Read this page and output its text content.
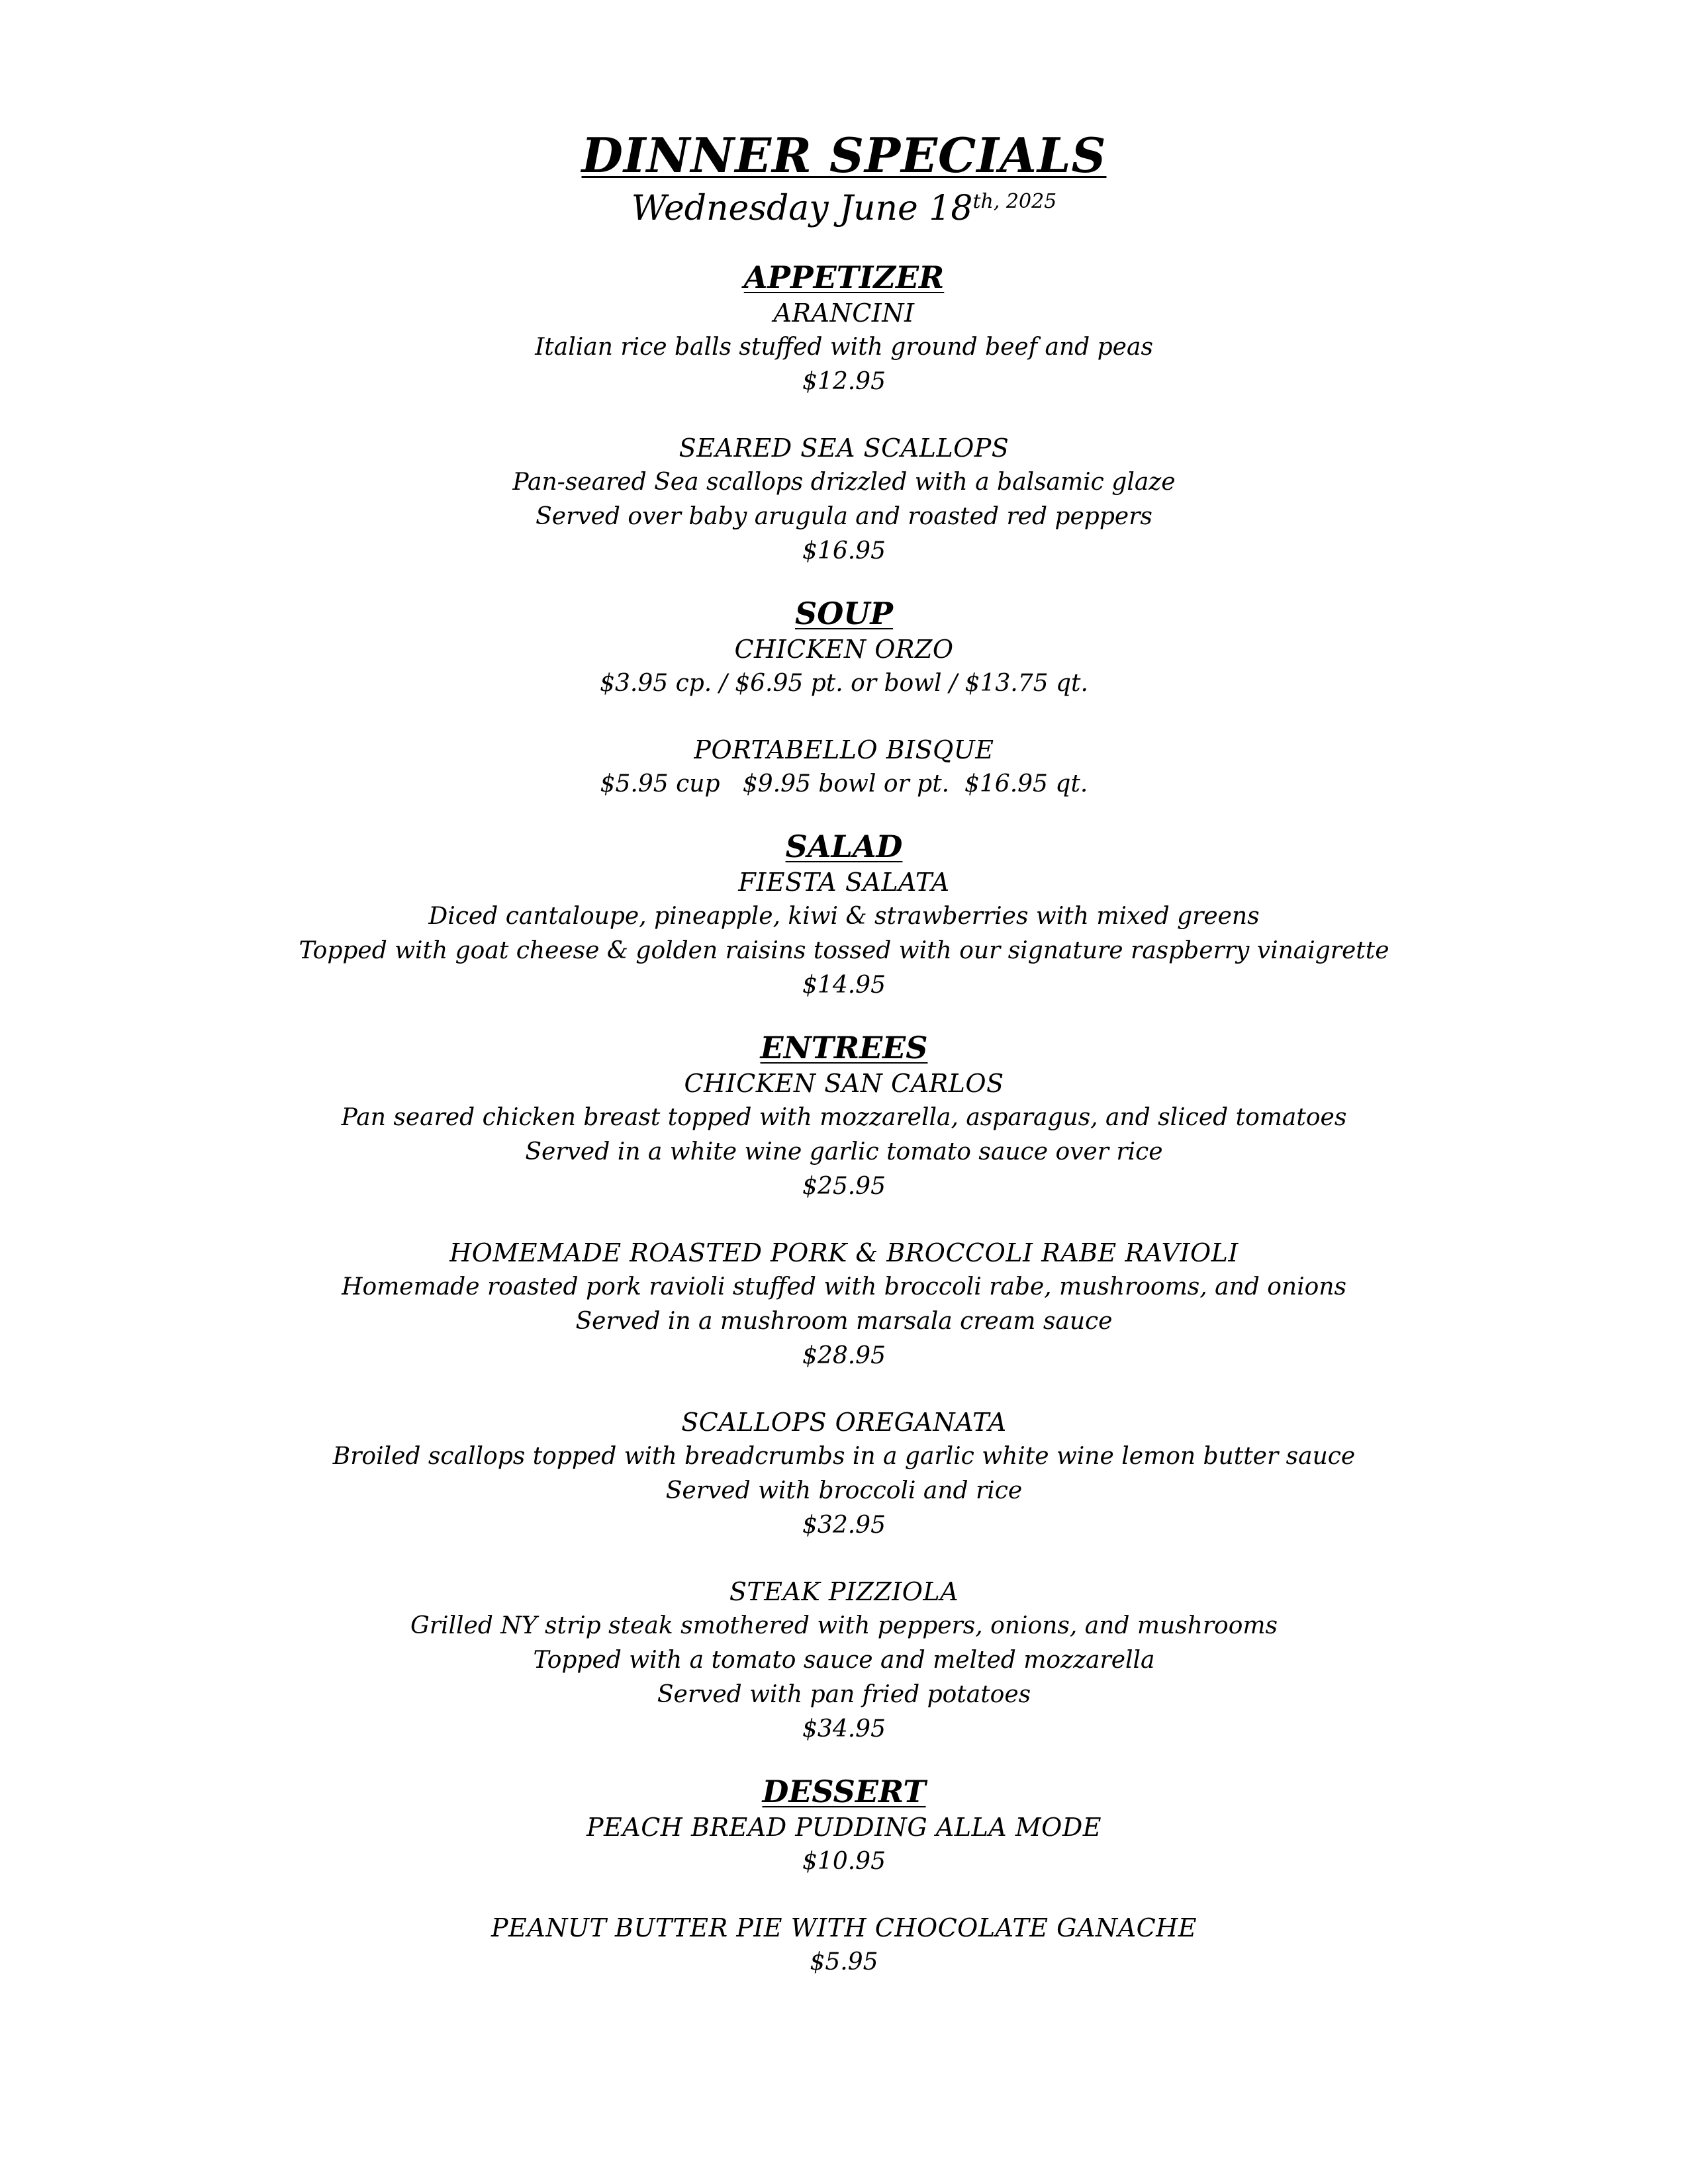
DINNER SPECIALS

Wednesday June $18^{th, 2025}$

APPETIZER

ARANCINI

Italian rice balls stuffed with ground beef and peas

$12.95

SEARED SEA SCALLOPS

Pan-seared Sea scallops drizzled with a balsamic glaze

Served over baby arugula and roasted red peppers

$16.95

SOUP

CHICKEN ORZO

$3.95 cp. / $6.95 pt. or bowl / $13.75 qt.

PORTABELLO BISQUE

$5.95 cup   $9.95 bowl or pt.  $16.95 qt.

SALAD

FIESTA SALATA

Diced cantaloupe, pineapple, kiwi & strawberries with mixed greens

Topped with goat cheese & golden raisins tossed with our signature raspberry vinaigrette

$14.95

ENTREES

CHICKEN SAN CARLOS

Pan seared chicken breast topped with mozzarella, asparagus, and sliced tomatoes

Served in a white wine garlic tomato sauce over rice

$25.95

HOMEMADE ROASTED PORK & BROCCOLI RABE RAVIOLI

Homemade roasted pork ravioli stuffed with broccoli rabe, mushrooms, and onions

Served in a mushroom marsala cream sauce

$28.95

SCALLOPS OREGANATA

Broiled scallops topped with breadcrumbs in a garlic white wine lemon butter sauce

Served with broccoli and rice

$32.95

STEAK PIZZIOLA

Grilled NY strip steak smothered with peppers, onions, and mushrooms

Topped with a tomato sauce and melted mozzarella

Served with pan fried potatoes

$34.95

DESSERT

PEACH BREAD PUDDING ALLA MODE

$10.95

PEANUT BUTTER PIE WITH CHOCOLATE GANACHE

$5.95
